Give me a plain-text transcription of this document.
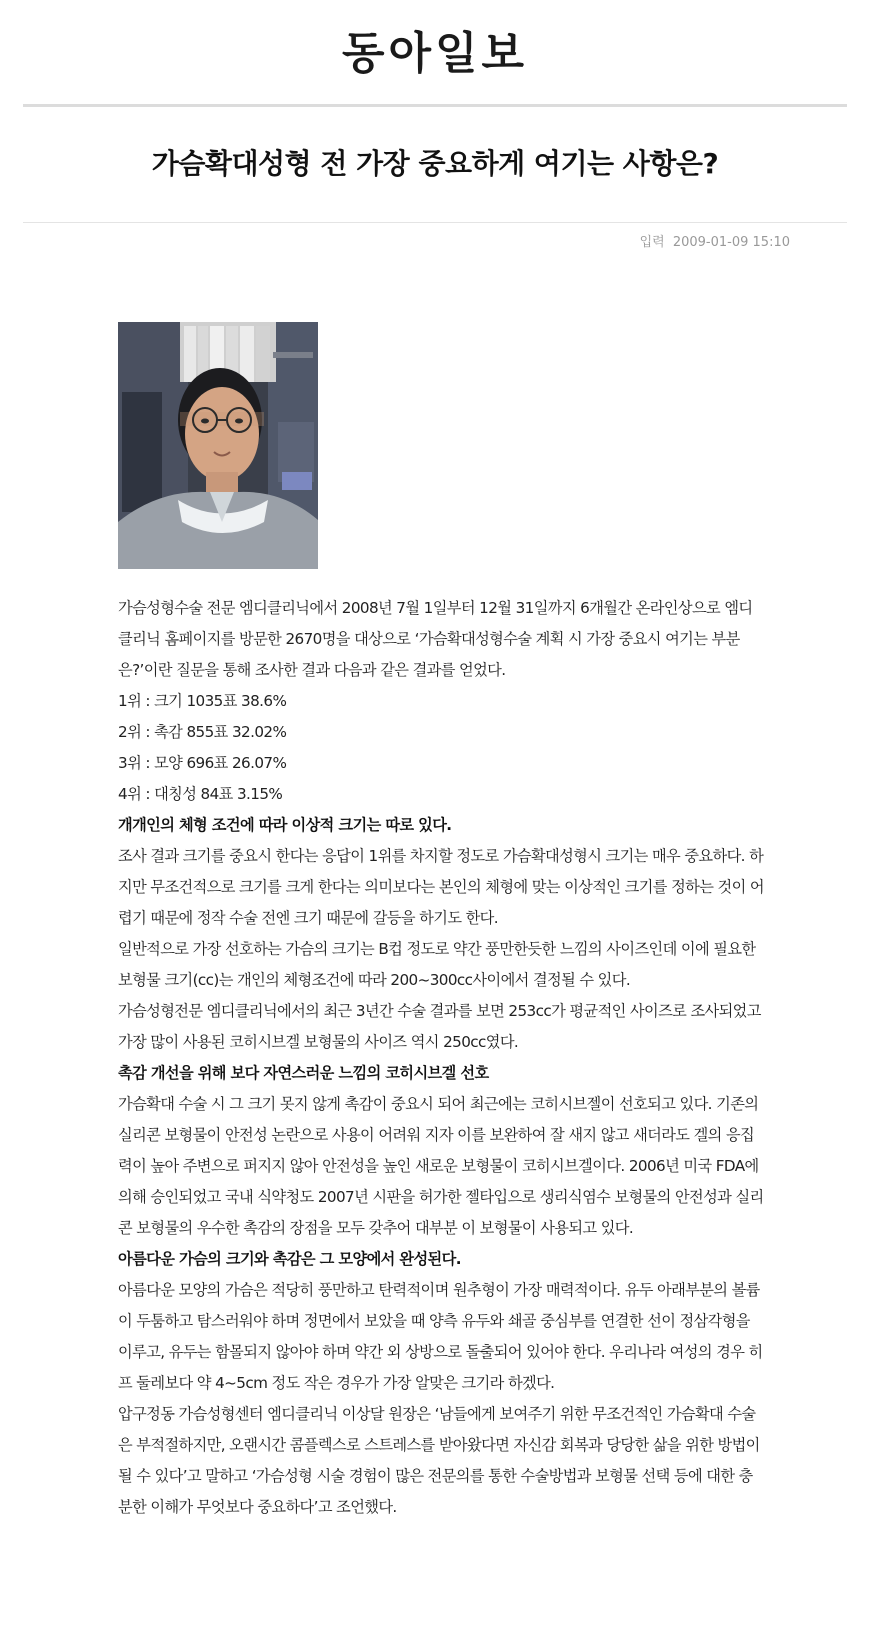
동아일보
가슴확대성형 전 가장 중요하게 여기는 사항은?
입력 2009-01-09 15:10

가슴성형수술 전문 엠디클리닉에서 2008년 7월 1일부터 12월 31일까지 6개월간 온라인상으로 엠디클리닉 홈페이지를 방문한 2670명을 대상으로 ‘가슴확대성형수술 계획 시 가장 중요시 여기는 부분은?’이란 질문을 통해 조사한 결과 다음과 같은 결과를 얻었다.

1위 : 크기 1035표 38.6%

2위 : 촉감 855표 32.02%

3위 : 모양 696표 26.07%

4위 : 대칭성 84표 3.15%

개개인의 체형 조건에 따라 이상적 크기는 따로 있다.

조사 결과 크기를 중요시 한다는 응답이 1위를 차지할 정도로 가슴확대성형시 크기는 매우 중요하다. 하지만 무조건적으로 크기를 크게 한다는 의미보다는 본인의 체형에 맞는 이상적인 크기를 정하는 것이 어렵기 때문에 정작 수술 전엔 크기 때문에 갈등을 하기도 한다.

일반적으로 가장 선호하는 가슴의 크기는 B컵 정도로 약간 풍만한듯한 느낌의 사이즈인데 이에 필요한 보형물 크기(cc)는 개인의 체형조건에 따라 200~300cc사이에서 결정될 수 있다.

가슴성형전문 엠디클리닉에서의 최근 3년간 수술 결과를 보면 253cc가 평균적인 사이즈로 조사되었고 가장 많이 사용된 코히시브겔 보형물의 사이즈 역시 250cc였다.

촉감 개선을 위해 보다 자연스러운 느낌의 코히시브겔 선호

가슴확대 수술 시 그 크기 못지 않게 촉감이 중요시 되어 최근에는 코히시브젤이 선호되고 있다. 기존의 실리콘 보형물이 안전성 논란으로 사용이 어려워 지자 이를 보완하여 잘 새지 않고 새더라도 겔의 응집력이 높아 주변으로 퍼지지 않아 안전성을 높인 새로운 보형물이 코히시브겔이다. 2006년 미국 FDA에 의해 승인되었고 국내 식약청도 2007년 시판을 허가한 젤타입으로 생리식염수 보형물의 안전성과 실리콘 보형물의 우수한 촉감의 장점을 모두 갖추어 대부분 이 보형물이 사용되고 있다.

아름다운 가슴의 크기와 촉감은 그 모양에서 완성된다.

아름다운 모양의 가슴은 적당히 풍만하고 탄력적이며 원추형이 가장 매력적이다. 유두 아래부분의 볼륨이 두툼하고 탐스러워야 하며 정면에서 보았을 때 양측 유두와 쇄골 중심부를 연결한 선이 정삼각형을 이루고, 유두는 함몰되지 않아야 하며 약간 외 상방으로 돌출되어 있어야 한다. 우리나라 여성의 경우 히프 둘레보다 약 4~5cm 정도 작은 경우가 가장 알맞은 크기라 하겠다.

압구정동 가슴성형센터 엠디클리닉 이상달 원장은 ‘남들에게 보여주기 위한 무조건적인 가슴확대 수술은 부적절하지만, 오랜시간 콤플렉스로 스트레스를 받아왔다면 자신감 회복과 당당한 삶을 위한 방법이 될 수 있다’고 말하고 ‘가슴성형 시술 경험이 많은 전문의를 통한 수술방법과 보형물 선택 등에 대한 충분한 이해가 무엇보다 중요하다’고 조언했다.
